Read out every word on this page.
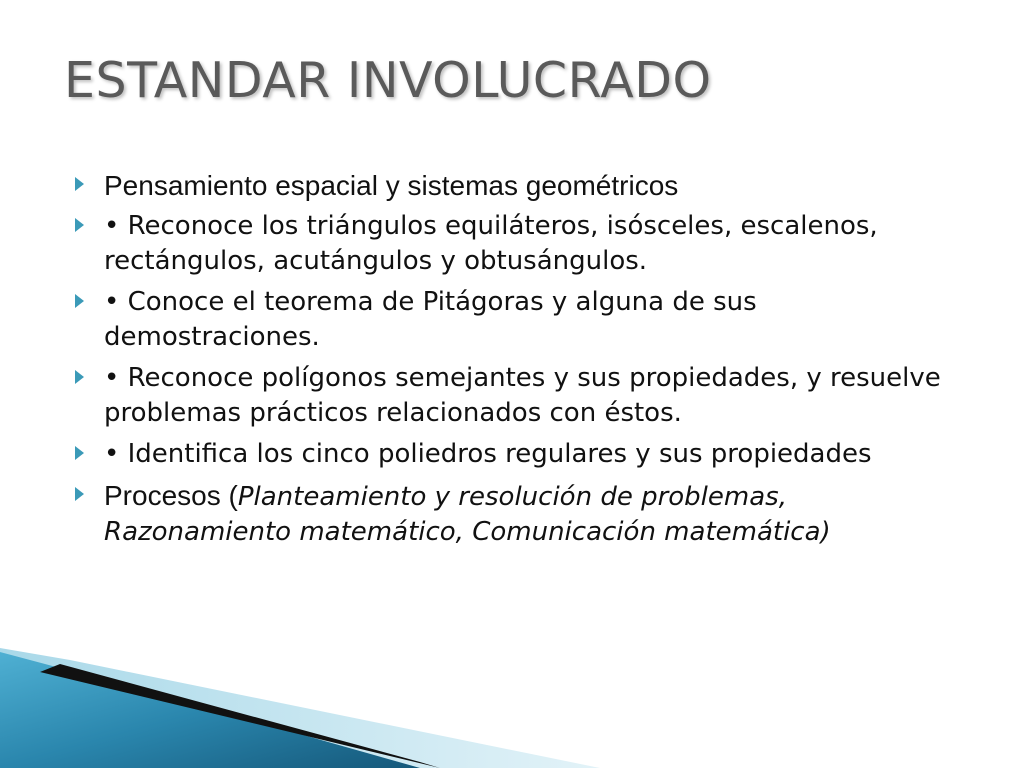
ESTANDAR INVOLUCRADO
Pensamiento espacial y sistemas geométricos
• Reconoce los triángulos equiláteros, isósceles, escalenos, rectángulos, acutángulos y obtusángulos.
• Conoce el teorema de Pitágoras y alguna de sus demostraciones.
• Reconoce polígonos semejantes y sus propiedades, y resuelve problemas prácticos relacionados con éstos.
• Identifica los cinco poliedros regulares y sus propiedades
Procesos (Planteamiento y resolución de problemas, Razonamiento matemático, Comunicación matemática)
